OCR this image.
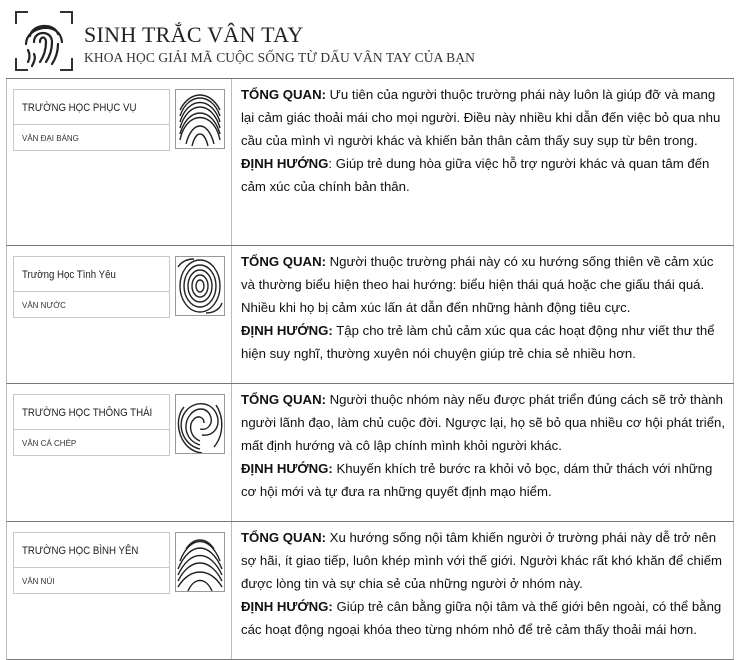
SINH TRẮC VÂN TAY
KHOA HỌC GIẢI MÃ CUỘC SỐNG TỪ DẤU VÂN TAY CỦA BẠN
TRƯỜNG HỌC PHỤC VỤ
VÂN ĐẠI BÀNG

TỔNG QUAN: Ưu tiên của người thuộc trường phái này luôn là giúp đỡ và mang lại cảm giác thoải mái cho mọi người. Điều này nhiều khi dẫn đến việc bỏ qua nhu cầu của mình vì người khác và khiến bản thân cảm thấy suy sụp từ bên trong.

ĐỊNH HƯỚNG: Giúp trẻ dung hòa giữa việc hỗ trợ người khác và quan tâm đến cảm xúc của chính bản thân.

Trường Học Tình Yêu
VÂN NƯỚC

TỔNG QUAN: Người thuộc trường phái này có xu hướng sống thiên về cảm xúc và thường biểu hiện theo hai hướng: biểu hiện thái quá hoặc che giấu thái quá. Nhiều khi họ bị cảm xúc lấn át dẫn đến những hành động tiêu cực.

ĐỊNH HƯỚNG: Tập cho trẻ làm chủ cảm xúc qua các hoạt động như viết thư thể hiện suy nghĩ, thường xuyên nói chuyện giúp trẻ chia sẻ nhiều hơn.

TRƯỜNG HỌC THÔNG THÁI
VÂN CÁ CHÉP

TỔNG QUAN: Người thuộc nhóm này nếu được phát triển đúng cách sẽ trở thành người lãnh đạo, làm chủ cuộc đời. Ngược lại, họ sẽ bỏ qua nhiều cơ hội phát triển, mất định hướng và cô lập chính mình khỏi người khác.

ĐỊNH HƯỚNG: Khuyến khích trẻ bước ra khỏi vỏ bọc, dám thử thách với những cơ hội mới và tự đưa ra những quyết định mạo hiểm.

TRƯỜNG HỌC BÌNH YÊN
VÂN NÚI

TỔNG QUAN: Xu hướng sống nội tâm khiến người ở trường phái này dễ trở nên sợ hãi, ít giao tiếp, luôn khép mình với thế giới. Người khác rất khó khăn để chiếm được lòng tin và sự chia sẻ của những người ở nhóm này.

ĐỊNH HƯỚNG: Giúp trẻ cân bằng giữa nội tâm và thế giới bên ngoài, có thể bằng các hoạt động ngoại khóa theo từng nhóm nhỏ để trẻ cảm thấy thoải mái hơn.
